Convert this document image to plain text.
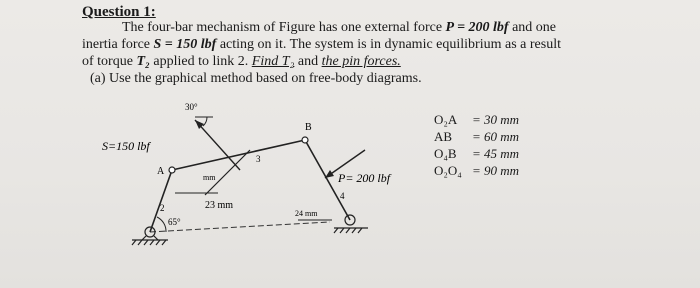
Question 1:
The four-bar mechanism of Figure has one external force P = 200 lbf and one
inertia force S = 150 lbf acting on it. The system is in dynamic equilibrium as a result
of torque T₂ applied to link 2. Find T₂ and the pin forces.
(a) Use the graphical method based on free-body diagrams.
S=150 lbf
P= 200 lbf
30°
65°
A
B
2
3
4
23 mm
24 mm
mm
O₂A = 30 mm
AB = 60 mm
O₄B = 45 mm
O₂O₄ = 90 mm
